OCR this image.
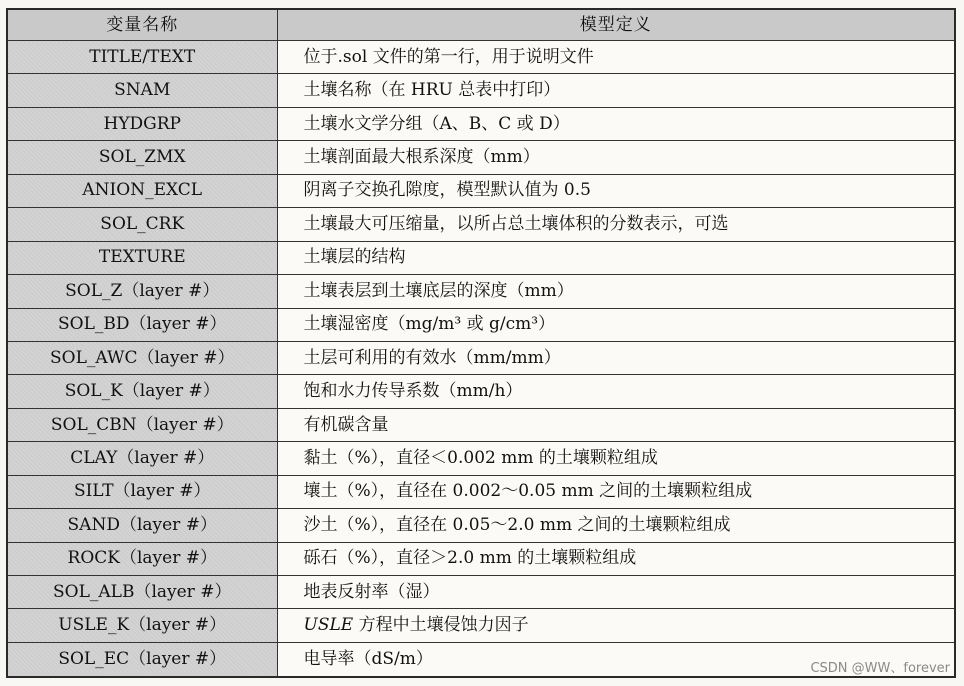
变量名称	模型定义
TITLE/TEXT	位于.sol 文件的第一行，用于说明文件
SNAM	土壤名称（在 HRU 总表中打印）
HYDGRP	土壤水文学分组（A、B、C 或 D）
SOL_ZMX	土壤剖面最大根系深度（mm）
ANION_EXCL	阴离子交换孔隙度，模型默认值为 0.5
SOL_CRK	土壤最大可压缩量，以所占总土壤体积的分数表示，可选
TEXTURE	土壤层的结构
SOL_Z（layer #）	土壤表层到土壤底层的深度（mm）
SOL_BD（layer #）	土壤湿密度（mg/m³ 或 g/cm³）
SOL_AWC（layer #）	土层可利用的有效水（mm/mm）
SOL_K（layer #）	饱和水力传导系数（mm/h）
SOL_CBN（layer #）	有机碳含量
CLAY（layer #）	黏土（%），直径＜0.002 mm 的土壤颗粒组成
SILT（layer #）	壤土（%），直径在 0.002～0.05 mm 之间的土壤颗粒组成
SAND（layer #）	沙土（%），直径在 0.05～2.0 mm 之间的土壤颗粒组成
ROCK（layer #）	砾石（%），直径＞2.0 mm 的土壤颗粒组成
SOL_ALB（layer #）	地表反射率（湿）
USLE_K（layer #）	USLE 方程中土壤侵蚀力因子
SOL_EC（layer #）	电导率（dS/m）	CSDN @WW、forever
